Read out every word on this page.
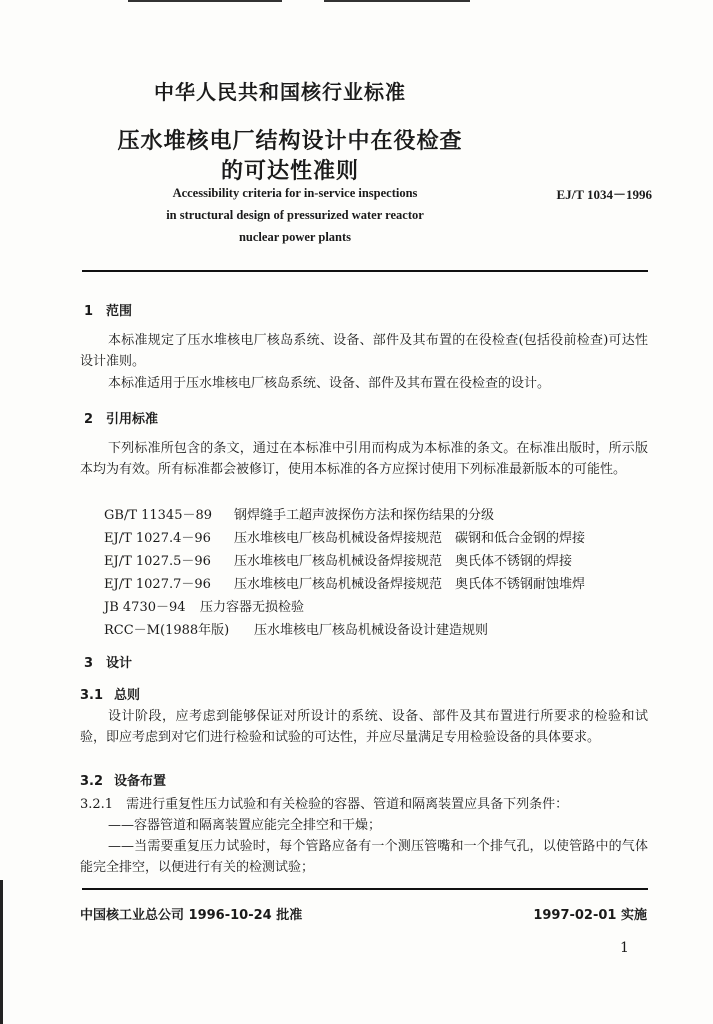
中华人民共和国核行业标准
压水堆核电厂结构设计中在役检查
的可达性准则
Accessibility criteria for in-service inspections
in structural design of pressurized water reactor
nuclear power plants
EJ/T 1034－1996
1 范围
本标准规定了压水堆核电厂核岛系统、设备、部件及其布置的在役检查(包括役前检查)可达性设计准则。
本标准适用于压水堆核电厂核岛系统、设备、部件及其布置在役检查的设计。
2 引用标准
下列标准所包含的条文，通过在本标准中引用而构成为本标准的条文。在标准出版时，所示版本均为有效。所有标准都会被修订，使用本标准的各方应探讨使用下列标准最新版本的可能性。
GB/T 11345－89 钢焊缝手工超声波探伤方法和探伤结果的分级
EJ/T 1027.4－96 压水堆核电厂核岛机械设备焊接规范　碳钢和低合金钢的焊接
EJ/T 1027.5－96 压水堆核电厂核岛机械设备焊接规范　奥氏体不锈钢的焊接
EJ/T 1027.7－96 压水堆核电厂核岛机械设备焊接规范　奥氏体不锈钢耐蚀堆焊
JB 4730－94 压力容器无损检验
RCC－M(1988年版) 压水堆核电厂核岛机械设备设计建造规则
3 设计
3.1 总则
设计阶段，应考虑到能够保证对所设计的系统、设备、部件及其布置进行所要求的检验和试验，即应考虑到对它们进行检验和试验的可达性，并应尽量满足专用检验设备的具体要求。
3.2 设备布置
3.2.1　需进行重复性压力试验和有关检验的容器、管道和隔离装置应具备下列条件：
——容器管道和隔离装置应能完全排空和干燥；
——当需要重复压力试验时，每个管路应备有一个测压管嘴和一个排气孔，以使管路中的气体能完全排空，以便进行有关的检测试验；
中国核工业总公司 1996-10-24 批准	1997-02-01 实施
1
